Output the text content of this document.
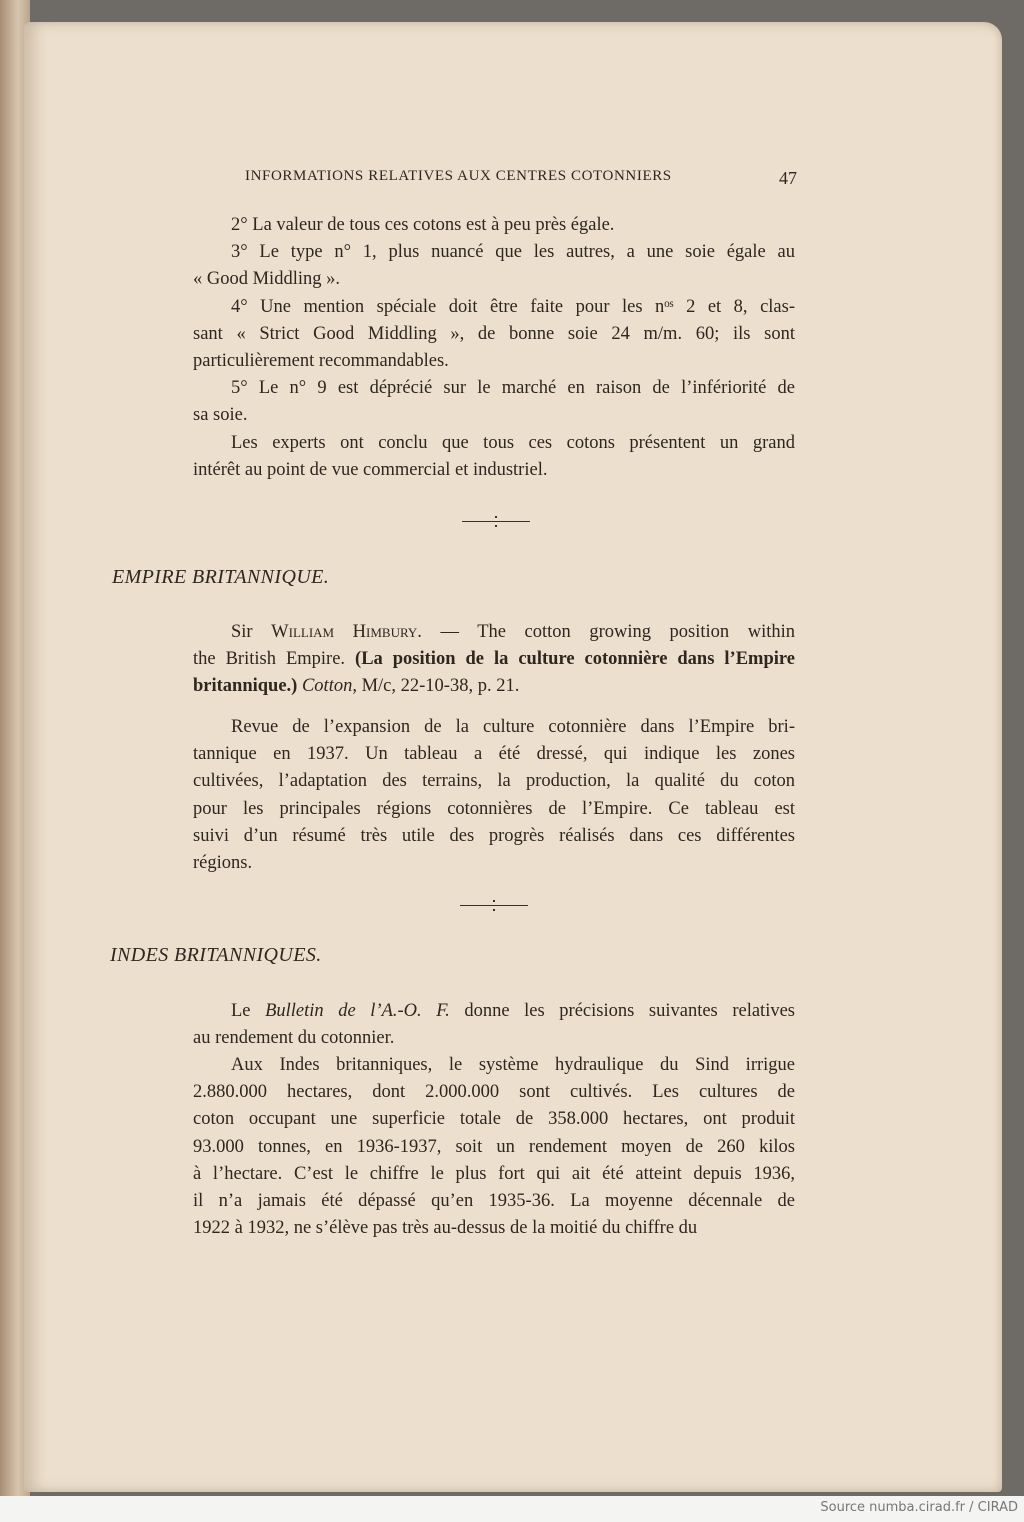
INFORMATIONS RELATIVES AUX CENTRES COTONNIERS	47
2° La valeur de tous ces cotons est à peu près égale.
3° Le type n° 1, plus nuancé que les autres, a une soie égale au
« Good Middling ».
4° Une mention spéciale doit être faite pour les nᵒˢ 2 et 8, clas-
sant « Strict Good Middling », de bonne soie 24 m/m. 60; ils sont
particulièrement recommandables.
5° Le n° 9 est déprécié sur le marché en raison de l’infériorité de
sa soie.
Les experts ont conclu que tous ces cotons présentent un grand
intérêt au point de vue commercial et industriel.
EMPIRE BRITANNIQUE.
Sir William Himbury. — The cotton growing position within
the British Empire. (La position de la culture cotonnière dans l’Empire
britannique.) Cotton, M/c, 22-10-38, p. 21.
Revue de l’expansion de la culture cotonnière dans l’Empire bri-
tannique en 1937. Un tableau a été dressé, qui indique les zones
cultivées, l’adaptation des terrains, la production, la qualité du coton
pour les principales régions cotonnières de l’Empire. Ce tableau est
suivi d’un résumé très utile des progrès réalisés dans ces différentes
régions.
INDES BRITANNIQUES.
Le Bulletin de l’A.-O. F. donne les précisions suivantes relatives
au rendement du cotonnier.
Aux Indes britanniques, le système hydraulique du Sind irrigue
2.880.000 hectares, dont 2.000.000 sont cultivés. Les cultures de
coton occupant une superficie totale de 358.000 hectares, ont produit
93.000 tonnes, en 1936-1937, soit un rendement moyen de 260 kilos
à l’hectare. C’est le chiffre le plus fort qui ait été atteint depuis 1936,
il n’a jamais été dépassé qu’en 1935-36. La moyenne décennale de
1922 à 1932, ne s’élève pas très au-dessus de la moitié du chiffre du
Source numba.cirad.fr / CIRAD
